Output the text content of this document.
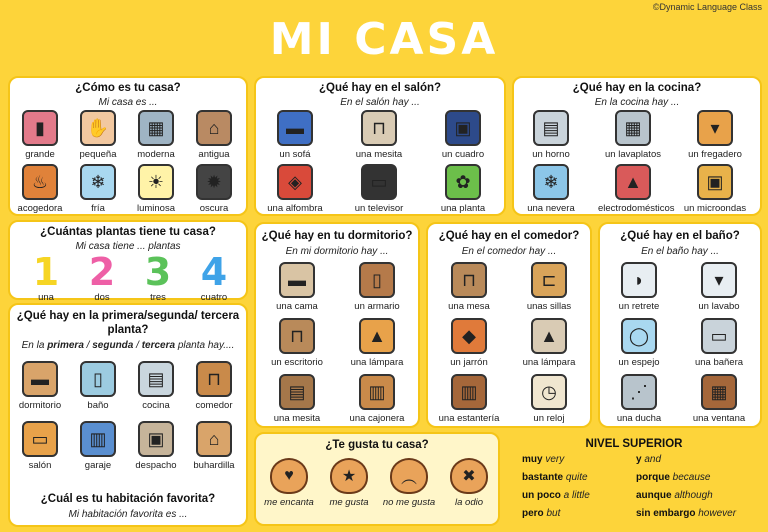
©Dynamic Language Class
MI CASA
¿Cómo es tu casa?
Mi casa es ...
▮
grande
✋
pequeña
▦
moderna
⌂
antigua
♨
acogedora
❄
fría
☀
luminosa
✹
oscura
¿Cuántas plantas tiene tu casa?
Mi casa tiene ... plantas
1
una
2
dos
3
tres
4
cuatro
¿Qué hay en la primera/segunda/ tercera
planta?
En la primera / segunda / tercera planta hay....
▬
dormitorio
▯
baño
▤
cocina
⊓
comedor
▭
salón
▥
garaje
▣
despacho
⌂
buhardilla
¿Cuál es tu habitación favorita?
Mi habitación favorita es ...
¿Qué hay en el salón?
En el salón hay ...
▬
un sofá
⊓
una mesita
▣
un cuadro
◈
una alfombra
▭
un televisor
✿
una planta
¿Qué hay en la cocina?
En la cocina hay ...
▤
un horno
▦
un lavaplatos
▾
un fregadero
❄
una nevera
▲
electrodomésticos
▣
un microondas
¿Qué hay en tu dormitorio?
En mi dormitorio hay ...
▬
una cama
▯
un armario
⊓
un escritorio
▲
una lámpara
▤
una mesita
▥
una cajonera
¿Qué hay en el comedor?
En el comedor hay ...
⊓
una mesa
⊏
unas sillas
◆
un jarrón
▲
una lámpara
▥
una estantería
◷
un reloj
¿Qué hay en el baño?
En el baño hay ...
◗
un retrete
▾
un lavabo
◯
un espejo
▭
una bañera
⋰
una ducha
▦
una ventana
¿Te gusta tu casa?
♥
me encanta
★
me gusta
︵
no me gusta
✖
la odio
NIVEL SUPERIOR
muy very
bastante quite
un poco a little
pero but
y and
porque because
aunque although
sin embargo however
